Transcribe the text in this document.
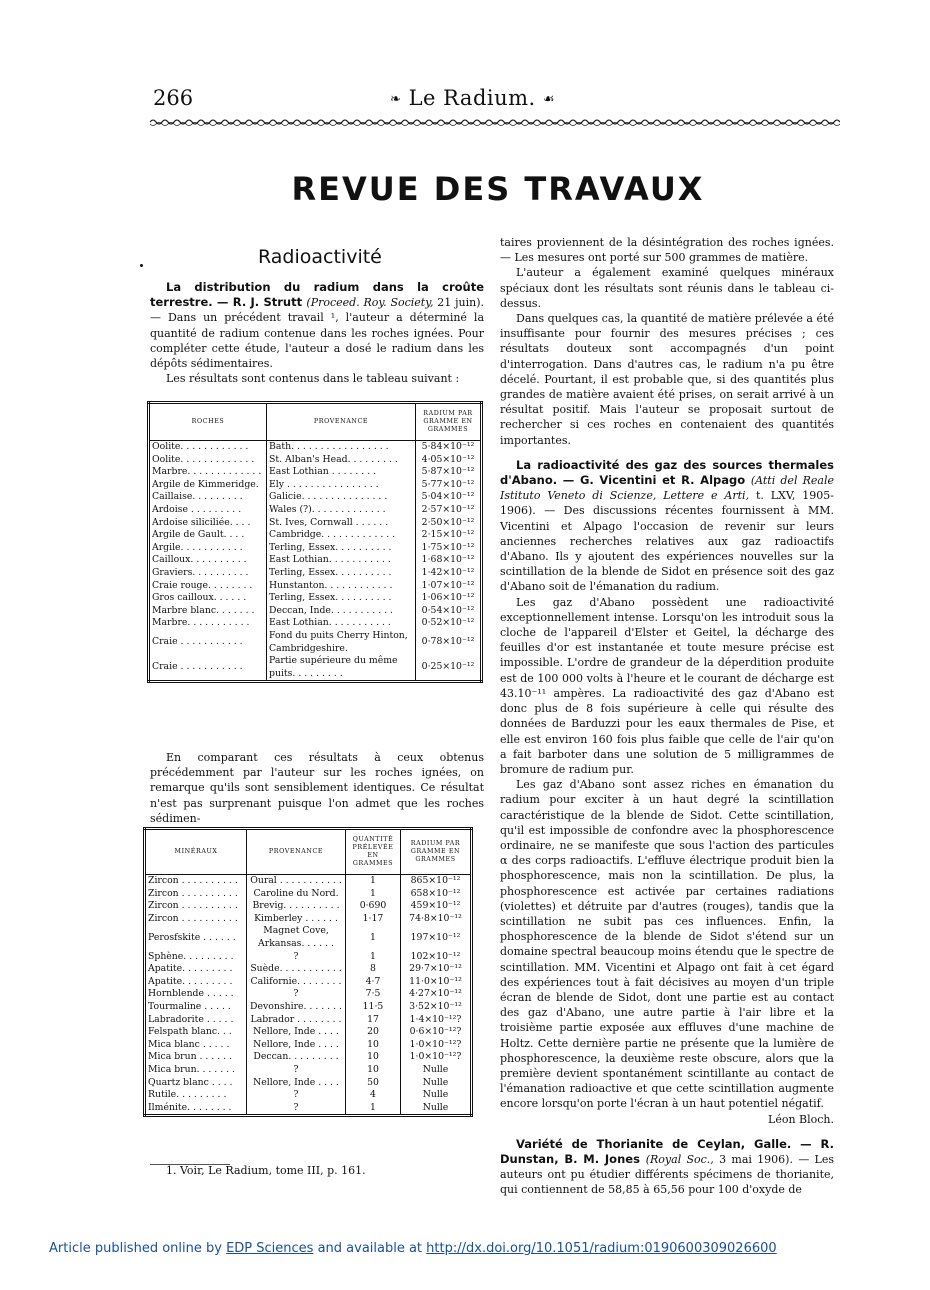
266	❧ Le Radium. ☙
REVUE DES TRAVAUX
Radioactivité

La distribution du radium dans la croûte terrestre. — R. J. Strutt (Proceed. Roy. Society, 21 juin). — Dans un précédent travail ¹, l'auteur a déterminé la quantité de radium contenue dans les roches ignées. Pour compléter cette étude, l'auteur a dosé le radium dans les dépôts sédimentaires.

Les résultats sont contenus dans le tableau suivant :

ROCHES	PROVENANCE	RADIUM PAR GRAMME EN GRAMMES
Oolite. . . . . . . . . . . .	Bath. . . . . . . . . . . . . . . . .	5·84×10⁻¹²
Oolite. . . . . . . . . . . . .	St. Alban's Head. . . . . . . . .	4·05×10⁻¹²
Marbre. . . . . . . . . . . . .	East Lothian . . . . . . . .	5·87×10⁻¹²
Argile de Kimmeridge.	Ely . . . . . . . . . . . . . . . .	5·77×10⁻¹²
Caillaise. . . . . . . . .	Galicie. . . . . . . . . . . . . . .	5·04×10⁻¹²
Ardoise . . . . . . . . .	Wales (?). . . . . . . . . . . . .	2·57×10⁻¹²
Ardoise siliciliée. . . .	St. Ives, Cornwall . . . . . .	2·50×10⁻¹²
Argile de Gault. . . .	Cambridge. . . . . . . . . . . . .	2·15×10⁻¹²
Argile. . . . . . . . . . .	Terling, Essex. . . . . . . . . .	1·75×10⁻¹²
Cailloux. . . . . . . . . .	East Lothian. . . . . . . . . . .	1·68×10⁻¹²
Graviers. . . . . . . . . .	Terling, Essex. . . . . . . . . .	1·42×10⁻¹²
Craie rouge. . . . . . . .	Hunstanton. . . . . . . . . . . .	1·07×10⁻¹²
Gros cailloux. . . . . .	Terling, Essex. . . . . . . . . .	1·06×10⁻¹²
Marbre blanc. . . . . . .	Deccan, Inde. . . . . . . . . . .	0·54×10⁻¹²
Marbre. . . . . . . . . . .	East Lothian. . . . . . . . . . .	0·52×10⁻¹²
Craie . . . . . . . . . . .	Fond du puits Cherry Hinton, Cambridgeshire.	0·78×10⁻¹²
Craie . . . . . . . . . . .	Partie supérieure du même puits. . . . . . . . .	0·25×10⁻¹²

En comparant ces résultats à ceux obtenus précédemment par l'auteur sur les roches ignées, on remarque qu'ils sont sensiblement identiques. Ce résultat n'est pas surprenant puisque l'on admet que les roches sédimen-

MINÉRAUX	PROVENANCE	QUANTITÉ PRÉLEVÉE EN GRAMMES	RADIUM PAR GRAMME EN GRAMMES
Zircon . . . . . . . . . .	Oural . . . . . . . . . . .	1	865×10⁻¹²
Zircon . . . . . . . . . .	Caroline du Nord.	1	658×10⁻¹²
Zircon . . . . . . . . . .	Brevig. . . . . . . . . .	0·690	459×10⁻¹²
Zircon . . . . . . . . . .	Kimberley . . . . . .	1·17	74·8×10⁻¹²
Perosfskite . . . . . .	Magnet Cove, Arkansas. . . . . .	1	197×10⁻¹²
Sphène. . . . . . . . .	?	1	102×10⁻¹²
Apatite. . . . . . . . .	Suède. . . . . . . . . . .	8	29·7×10⁻¹²
Apatite. . . . . . . . .	Californie. . . . . . . .	4·7	11·0×10⁻¹²
Hornblende . . . . .	?	7·5	4·27×10⁻¹²
Tourmaline . . . . .	Devonshire. . . . . . .	11·5	3·52×10⁻¹²
Labradorite . . . . .	Labrador . . . . . . . .	17	1·4×10⁻¹²?
Felspath blanc. . .	Nellore, Inde . . . .	20	0·6×10⁻¹²?
Mica blanc . . . . .	Nellore, Inde . . . .	10	1·0×10⁻¹²?
Mica brun . . . . . .	Deccan. . . . . . . . .	10	1·0×10⁻¹²?
Mica brun. . . . . . .	?	10	Nulle
Quartz blanc . . . .	Nellore, Inde . . . .	50	Nulle
Rutile. . . . . . . . .	?	4	Nulle
Ilménite. . . . . . . .	?	1	Nulle
1. Voir, Le Radium, tome III, p. 161.

taires proviennent de la désintégration des roches ignées. — Les mesures ont porté sur 500 grammes de matière.

L'auteur a également examiné quelques minéraux spéciaux dont les résultats sont réunis dans le tableau ci-dessus.

Dans quelques cas, la quantité de matière prélevée a été insuffisante pour fournir des mesures précises ; ces résultats douteux sont accompagnés d'un point d'interrogation. Dans d'autres cas, le radium n'a pu être décelé. Pourtant, il est probable que, si des quantités plus grandes de matière avaient été prises, on serait arrivé à un résultat positif. Mais l'auteur se proposait surtout de rechercher si ces roches en contenaient des quantités importantes.

La radioactivité des gaz des sources thermales d'Abano. — G. Vicentini et R. Alpago (Atti del Reale Istituto Veneto di Scienze, Lettere e Arti, t. LXV, 1905-1906). — Des discussions récentes fournissent à MM. Vicentini et Alpago l'occasion de revenir sur leurs anciennes recherches relatives aux gaz radioactifs d'Abano. Ils y ajoutent des expériences nouvelles sur la scintillation de la blende de Sidot en présence soit des gaz d'Abano soit de l'émanation du radium.

Les gaz d'Abano possèdent une radioactivité exceptionnellement intense. Lorsqu'on les introduit sous la cloche de l'appareil d'Elster et Geitel, la décharge des feuilles d'or est instantanée et toute mesure précise est impossible. L'ordre de grandeur de la déperdition produite est de 100 000 volts à l'heure et le courant de décharge est 43.10⁻¹¹ ampères. La radioactivité des gaz d'Abano est donc plus de 8 fois supérieure à celle qui résulte des données de Barduzzi pour les eaux thermales de Pise, et elle est environ 160 fois plus faible que celle de l'air qu'on a fait barboter dans une solution de 5 milligrammes de bromure de radium pur.

Les gaz d'Abano sont assez riches en émanation du radium pour exciter à un haut degré la scintillation caractéristique de la blende de Sidot. Cette scintillation, qu'il est impossible de confondre avec la phosphorescence ordinaire, ne se manifeste que sous l'action des particules α des corps radioactifs. L'effluve électrique produit bien la phosphorescence, mais non la scintillation. De plus, la phosphorescence est activée par certaines radiations (violettes) et détruite par d'autres (rouges), tandis que la scintillation ne subit pas ces influences. Enfin, la phosphorescence de la blende de Sidot s'étend sur un domaine spectral beaucoup moins étendu que le spectre de scintillation. MM. Vicentini et Alpago ont fait à cet égard des expériences tout à fait décisives au moyen d'un triple écran de blende de Sidot, dont une partie est au contact des gaz d'Abano, une autre partie à l'air libre et la troisième partie exposée aux effluves d'une machine de Holtz. Cette dernière partie ne présente que la lumière de phosphorescence, la deuxième reste obscure, alors que la première devient spontanément scintillante au contact de l'émanation radioactive et que cette scintillation augmente encore lorsqu'on porte l'écran à un haut potentiel négatif.

Léon Bloch.

Variété de Thorianite de Ceylan, Galle. — R. Dunstan, B. M. Jones (Royal Soc., 3 mai 1906). — Les auteurs ont pu étudier différents spécimens de thorianite, qui contiennent de 58,85 à 65,56 pour 100 d'oxyde de

Article published online by EDP Sciences and available at http://dx.doi.org/10.1051/radium:0190600309026600
